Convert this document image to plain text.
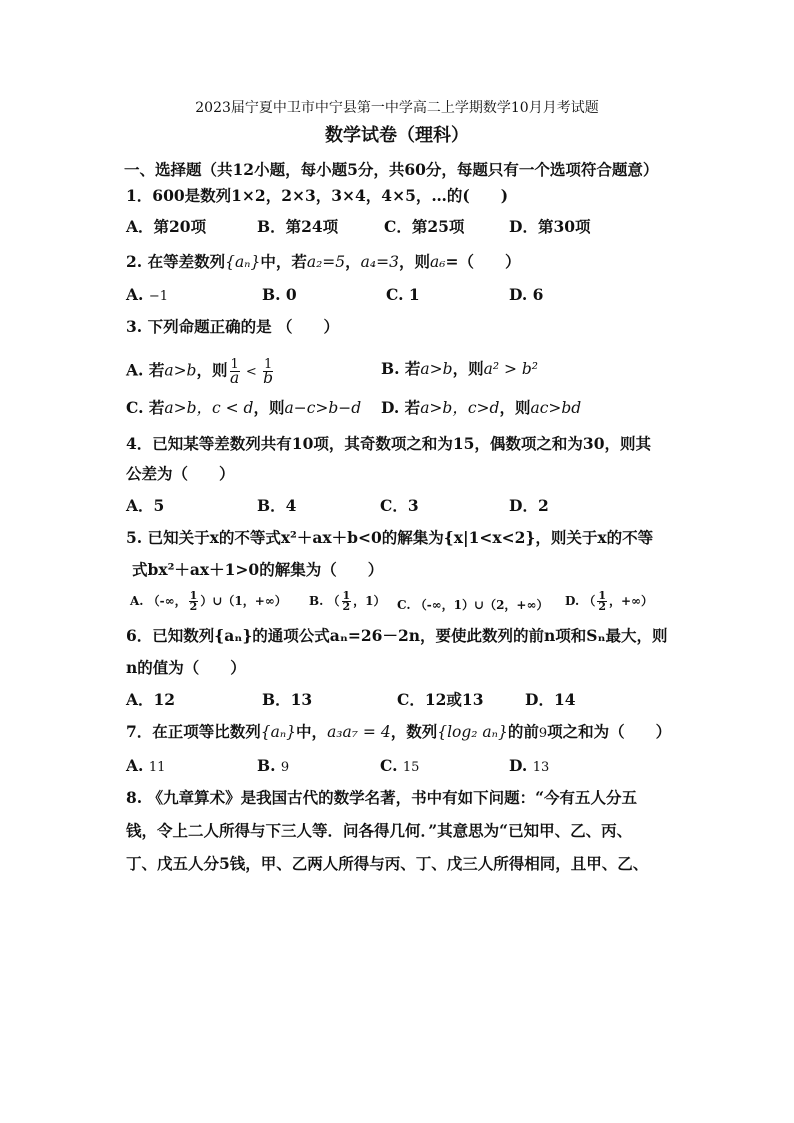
2023届宁夏中卫市中宁县第一中学高二上学期数学10月月考试题
数学试卷（理科）
一、选择题（共12小题，每小题5分，共60分，每题只有一个选项符合题意）
1．600是数列1×2，2×3，3×4，4×5，…的(　　)
A．第20项	B．第24项	C．第25项	D．第30项
2. 在等差数列{aₙ}中，若a₂=5，a₄=3，则a₆=（　　）
A. −1	B. 0	C. 1	D. 6
3. 下列命题正确的是 （　　）
A. 若a>b，则 $\frac{1}{a} < \frac{1}{b}$	B. 若a>b，则a² > b²
C. 若a>b，c < d，则a−c>b−d D. 若a>b，c>d，则ac>bd
4．已知某等差数列共有10项，其奇数项之和为15，偶数项之和为30，则其
公差为（　　）
A．5	B．4	C．3	D．2
5. 已知关于x的不等式x²＋ax＋b<0的解集为{x|1<x<2}，则关于x的不等
式bx²＋ax＋1>0的解集为（　　）
A. （-∞， $\frac{1}{2}$ ）∪（1，+∞） B. （ $\frac{1}{2}$ ，1） C. （-∞，1）∪（2，+∞） D. （ $\frac{1}{2}$ ，+∞）
6．已知数列{aₙ}的通项公式aₙ=26－2n，要使此数列的前n项和Sₙ最大，则
n的值为（　　）
A．12	B．13	C．12或13	D．14
7．在正项等比数列{aₙ}中，a₃a₇ = 4，数列{log₂ aₙ}的前9项之和为（　　）
A. 11	B. 9	C. 15	D. 13
8. 《九章算术》是我国古代的数学名著，书中有如下问题：“今有五人分五
钱，令上二人所得与下三人等．问各得几何．”其意思为“已知甲、乙、丙、
丁、戊五人分5钱，甲、乙两人所得与丙、丁、戊三人所得相同，且甲、乙、
